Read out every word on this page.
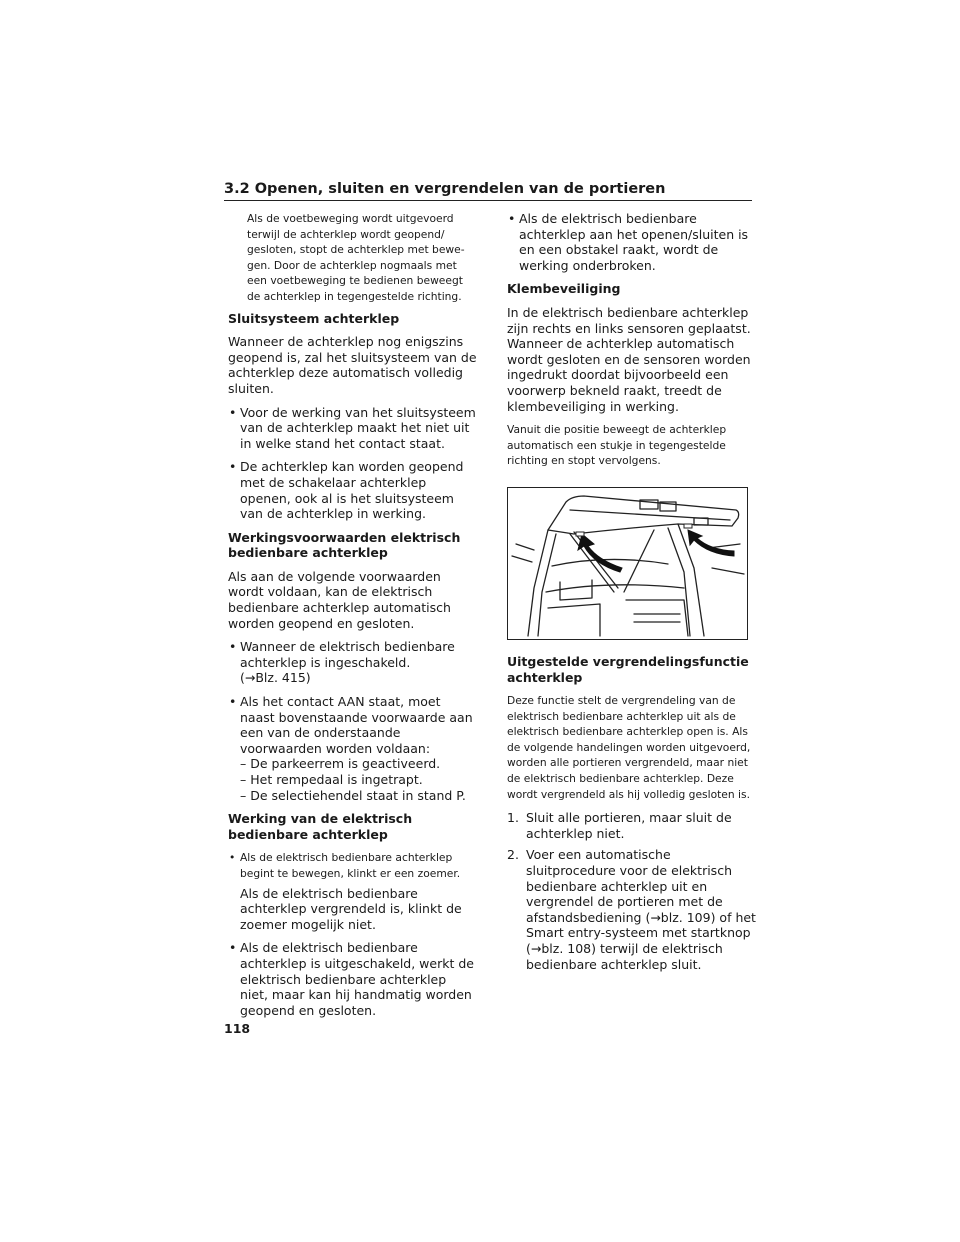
3.2 Openen, sluiten en vergrendelen van de portieren

Als de voetbeweging wordt uitgevoerd terwijl de achterklep wordt geopend/ gesloten, stopt de achterklep met bewegen. Door de achterklep nogmaals met een voetbeweging te bedienen beweegt de achterklep in tegengestelde richting.

Sluitsysteem achterklep

Wanneer de achterklep nog enigszins geopend is, zal het sluitsysteem van de achterklep deze automatisch volledig sluiten.

• Voor de werking van het sluitsysteem van de achterklep maakt het niet uit in welke stand het contact staat.
• De achterklep kan worden geopend met de schakelaar achterklep openen, ook al is het sluitsysteem van de achterklep in werking.

Werkingsvoorwaarden elektrisch bedienbare achterklep

Als aan de volgende voorwaarden wordt voldaan, kan de elektrisch bedienbare achterklep automatisch worden geopend en gesloten.

• Wanneer de elektrisch bedienbare achterklep is ingeschakeld.
(→Blz. 415)
• Als het contact AAN staat, moet naast bovenstaande voorwaarde aan een van de onderstaande voorwaarden worden voldaan:
– De parkeerrem is geactiveerd.
– Het rempedaal is ingetrapt.
– De selectiehendel staat in stand P.

Werking van de elektrisch bedienbare achterklep

• Als de elektrisch bedienbare achterklep begint te bewegen, klinkt er een zoemer.
Als de elektrisch bedienbare achterklep vergrendeld is, klinkt de zoemer mogelijk niet.
• Als de elektrisch bedienbare achterklep is uitgeschakeld, werkt de elektrisch bedienbare achterklep niet, maar kan hij handmatig worden geopend en gesloten.
• Als de elektrisch bedienbare achterklep aan het openen/sluiten is en een obstakel raakt, wordt de werking onderbroken.

Klembeveiliging

In de elektrisch bedienbare achterklep zijn rechts en links sensoren geplaatst. Wanneer de achterklep automatisch wordt gesloten en de sensoren worden ingedrukt doordat bijvoorbeeld een voorwerp bekneld raakt, treedt de klembeveiliging in werking.

Vanuit die positie beweegt de achterklep automatisch een stukje in tegengestelde richting en stopt vervolgens.

Uitgestelde vergrendelingsfunctie achterklep

Deze functie stelt de vergrendeling van de elektrisch bedienbare achterklep uit als de elektrisch bedienbare achterklep open is. Als de volgende handelingen worden uitgevoerd, worden alle portieren vergrendeld, maar niet de elektrisch bedienbare achterklep. Deze wordt vergrendeld als hij volledig gesloten is.

1. Sluit alle portieren, maar sluit de achterklep niet.
2. Voer een automatische sluitprocedure voor de elektrisch bedienbare achterklep uit en vergrendel de portieren met de afstandsbediening (→blz. 109) of het Smart entry-systeem met startknop (→blz. 108) terwijl de elektrisch bedienbare achterklep sluit.
118
